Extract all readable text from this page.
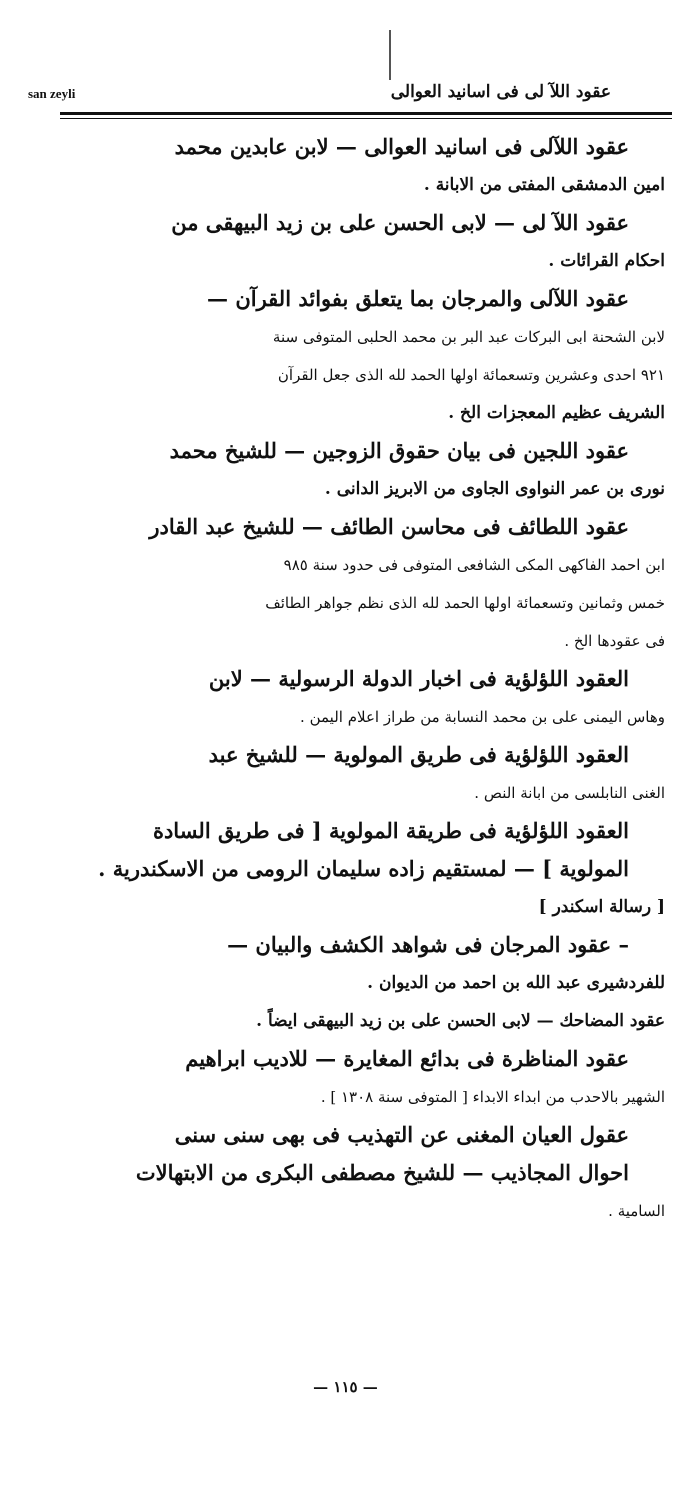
san zeyli	عقود اللآ لى فى اسانيد العوالى
عقود اللآلى فى اسانيد العوالى — لابن عابدين محمد
امين الدمشقى المفتى من الابانة .
عقود اللآ لى — لابى الحسن على بن زيد البيهقى من
احكام القرائات .
عقود اللآلى والمرجان بما يتعلق بفوائد القرآن —
لابن الشحنة ابى البركات عبد البر بن محمد الحلبى المتوفى سنة
٩٢١ احدى وعشرين وتسعمائة اولها الحمد لله الذى جعل القرآن
الشريف عظيم المعجزات الخ .
عقود اللجين فى بيان حقوق الزوجين — للشيخ محمد
نورى بن عمر النواوى الجاوى من الابريز الدانى .
عقود اللطائف فى محاسن الطائف — للشيخ عبد القادر
ابن احمد الفاكهى المكى الشافعى المتوفى فى حدود سنة ٩٨٥
خمس وثمانين وتسعمائة اولها الحمد لله الذى نظم جواهر الطائف
فى عقودها الخ .
العقود اللؤلؤية فى اخبار الدولة الرسولية — لابن
وهاس اليمنى على بن محمد النسابة من طراز اعلام اليمن .
العقود اللؤلؤية فى طريق المولوية — للشيخ عبد
الغنى النابلسى من ابانة النص .
العقود اللؤلؤية فى طريقة المولوية [ فى طريق السادة
المولوية ] — لمستقيم زاده سليمان الرومى من الاسكندرية .
[ رسالة اسكندر ]
– عقود المرجان فى شواهد الكشف والبيان —
للفردشيرى عبد الله بن احمد من الديوان .
عقود المضاحك — لابى الحسن على بن زيد البيهقى ايضاً .
عقود المناظرة فى بدائع المغايرة — للاديب ابراهيم
الشهير بالاحدب من ابداء الابداء [ المتوفى سنة ١٣٠٨ ] .
عقول العيان المغنى عن التهذيب فى بهى سنى سنى
احوال المجاذيب — للشيخ مصطفى البكرى من الابتهالات
السامية .
— ١١٥ —
